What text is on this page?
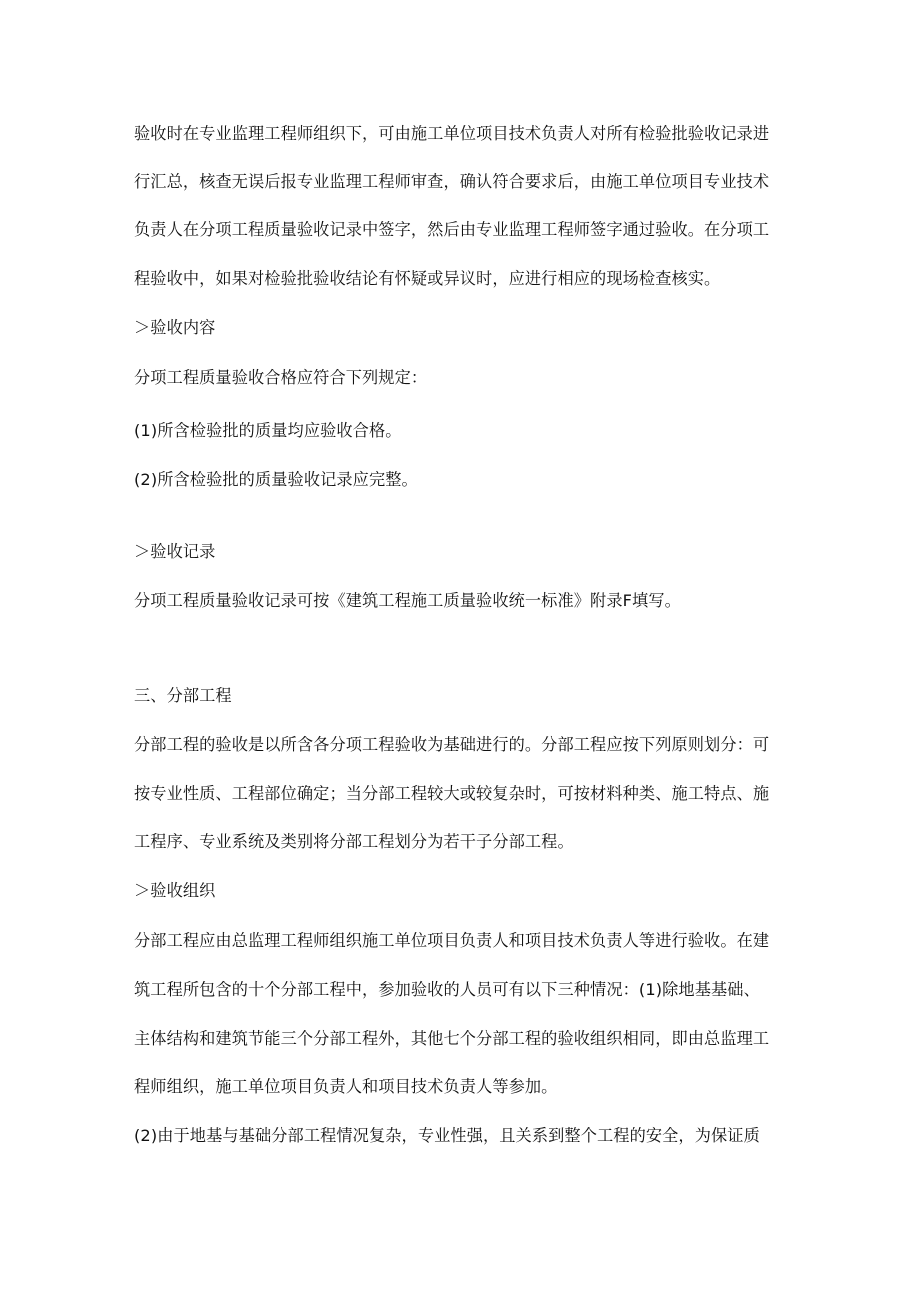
验收时在专业监理工程师组织下，可由施工单位项目技术负责人对所有检验批验收记录进
行汇总，核查无误后报专业监理工程师审查，确认符合要求后，由施工单位项目专业技术
负责人在分项工程质量验收记录中签字，然后由专业监理工程师签字通过验收。在分项工
程验收中，如果对检验批验收结论有怀疑或异议时，应进行相应的现场检查核实。
＞验收内容
分项工程质量验收合格应符合下列规定：
(1)所含检验批的质量均应验收合格。
(2)所含检验批的质量验收记录应完整。
＞验收记录
分项工程质量验收记录可按《建筑工程施工质量验收统一标准》附录F填写。
三、分部工程
分部工程的验收是以所含各分项工程验收为基础进行的。分部工程应按下列原则划分：可
按专业性质、工程部位确定；当分部工程较大或较复杂时，可按材料种类、施工特点、施
工程序、专业系统及类别将分部工程划分为若干子分部工程。
＞验收组织
分部工程应由总监理工程师组织施工单位项目负责人和项目技术负责人等进行验收。在建
筑工程所包含的十个分部工程中，参加验收的人员可有以下三种情况：(1)除地基基础、
主体结构和建筑节能三个分部工程外，其他七个分部工程的验收组织相同，即由总监理工
程师组织，施工单位项目负责人和项目技术负责人等参加。
(2)由于地基与基础分部工程情况复杂，专业性强，且关系到整个工程的安全，为保证质
